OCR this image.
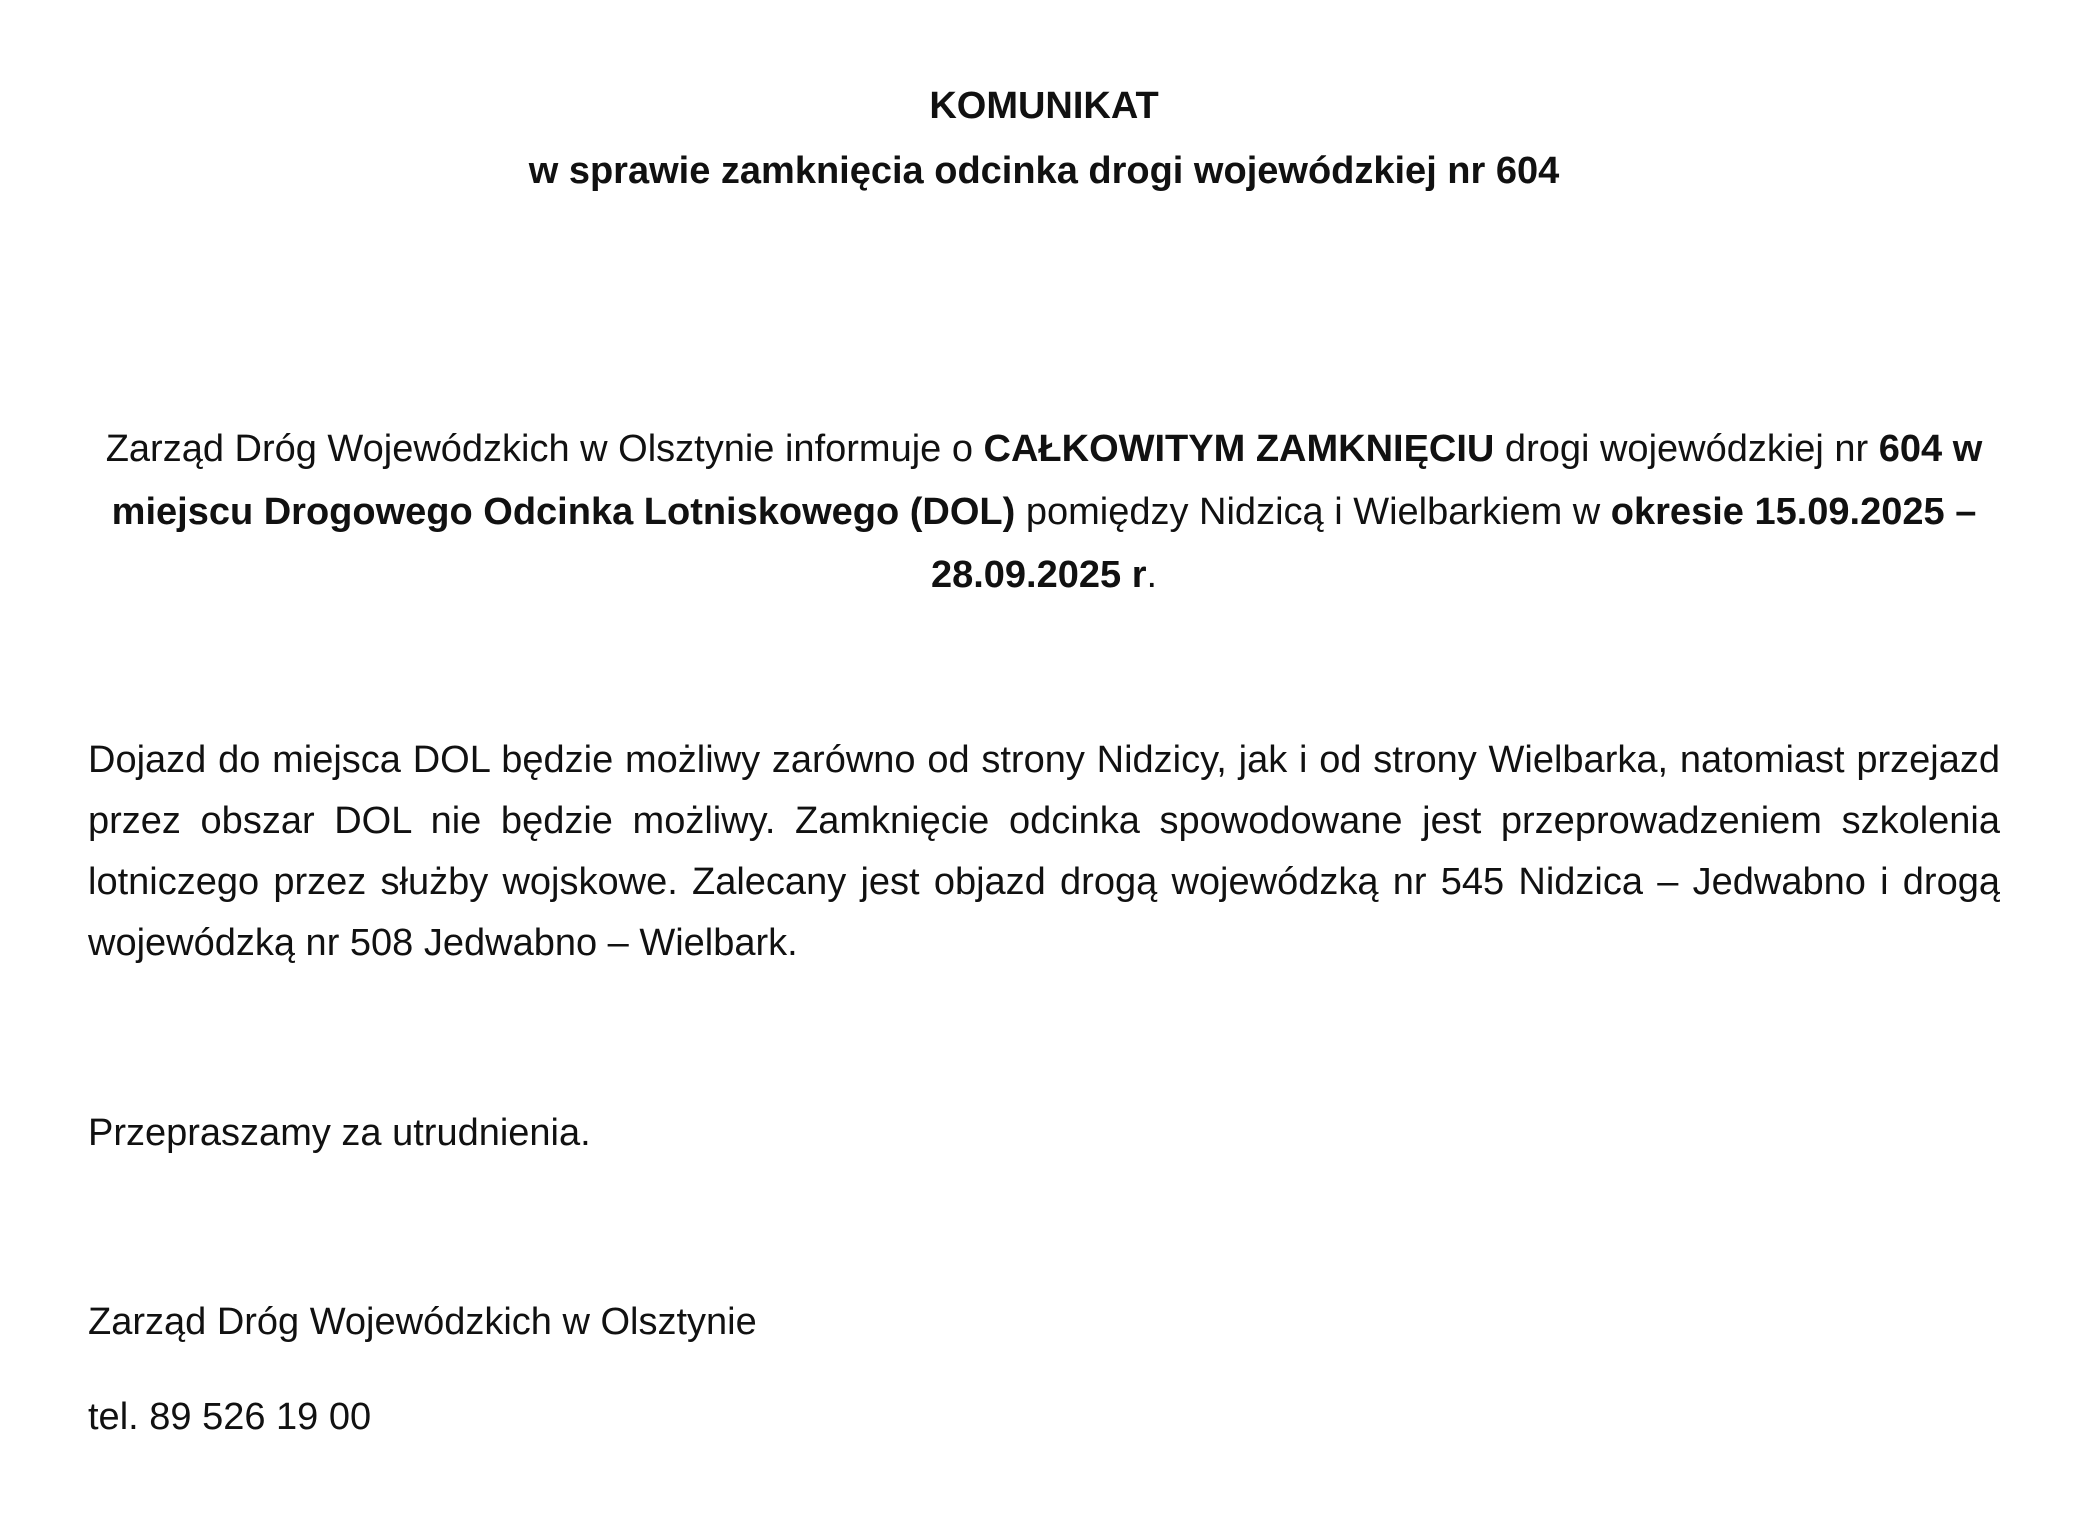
KOMUNIKAT
w sprawie zamknięcia odcinka drogi wojewódzkiej nr 604
Zarząd Dróg Wojewódzkich w Olsztynie informuje o CAŁKOWITYM ZAMKNIĘCIU drogi wojewódzkiej nr 604 w miejscu Drogowego Odcinka Lotniskowego (DOL) pomiędzy Nidzicą i Wielbarkiem w okresie 15.09.2025 – 28.09.2025 r.
Dojazd do miejsca DOL będzie możliwy zarówno od strony Nidzicy, jak i od strony Wielbarka, natomiast przejazd przez obszar DOL nie będzie możliwy. Zamknięcie odcinka spowodowane jest przeprowadzeniem szkolenia lotniczego przez służby wojskowe. Zalecany jest objazd drogą wojewódzką nr 545 Nidzica – Jedwabno i drogą wojewódzką nr 508 Jedwabno – Wielbark.
Przepraszamy za utrudnienia.
Zarząd Dróg Wojewódzkich w Olsztynie
tel. 89 526 19 00
